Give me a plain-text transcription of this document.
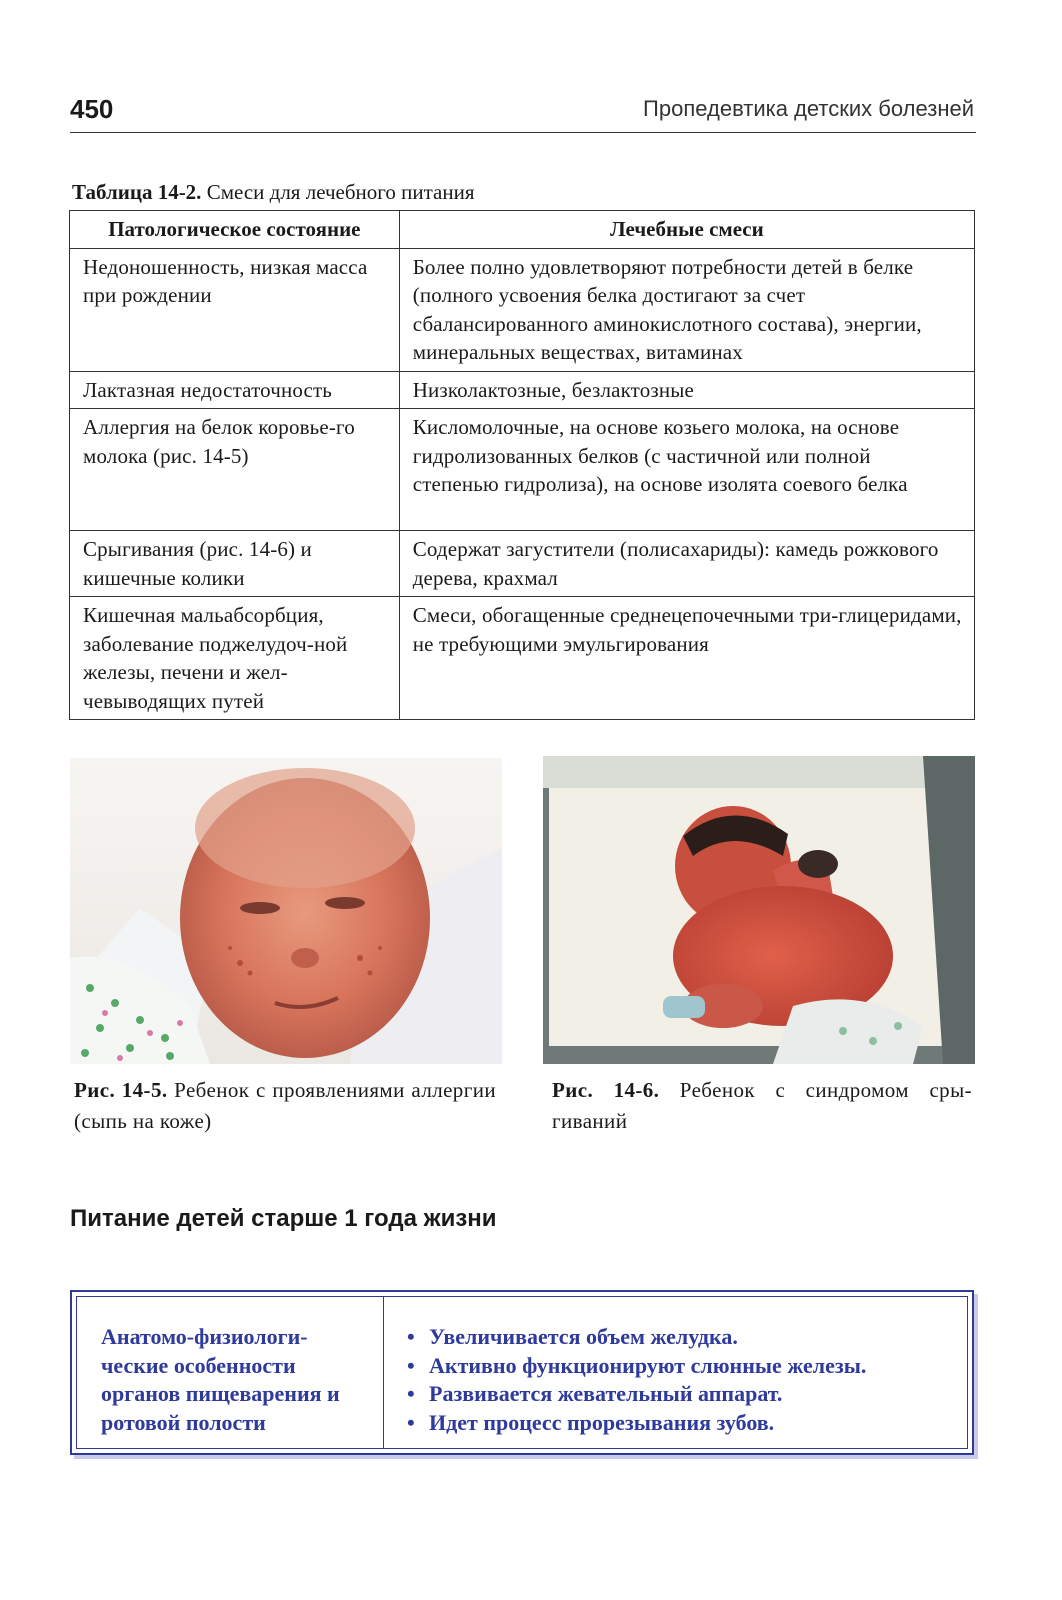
450	Пропедевтика детских болезней
Таблица 14-2. Смеси для лечебного питания
Патологическое состояние	Лечебные смеси
Недоношенность, низкая масса при рождении	Более полно удовлетворяют потребности детей в белке (полного усвоения белка достигают за счет сбалансированного аминокислотного состава), энергии, минеральных веществах, витаминах
Лактазная недостаточность	Низколактозные, безлактозные
Аллергия на белок коровье-го молока (рис. 14-5)	Кисломолочные, на основе козьего молока, на основе гидролизованных белков (с частичной или полной степенью гидролиза), на основе изолята соевого белка
Срыгивания (рис. 14-6) и кишечные колики	Содержат загустители (полисахариды): камедь рожкового дерева, крахмал
Кишечная мальабсорбция, заболевание поджелудоч-ной железы, печени и жел-чевыводящих путей	Смеси, обогащенные среднецепочечными три-глицеридами, не требующими эмульгирования
Рис. 14-5. Ребенок с проявлениями аллергии (сыпь на коже)
Рис. 14-6. Ребенок с синдромом сры-гиваний
Питание детей старше 1 года жизни
Анатомо-физиологи-ческие особенности органов пищеварения и ротовой полости
• Увеличивается объем желудка.
• Активно функционируют слюнные железы.
• Развивается жевательный аппарат.
• Идет процесс прорезывания зубов.
